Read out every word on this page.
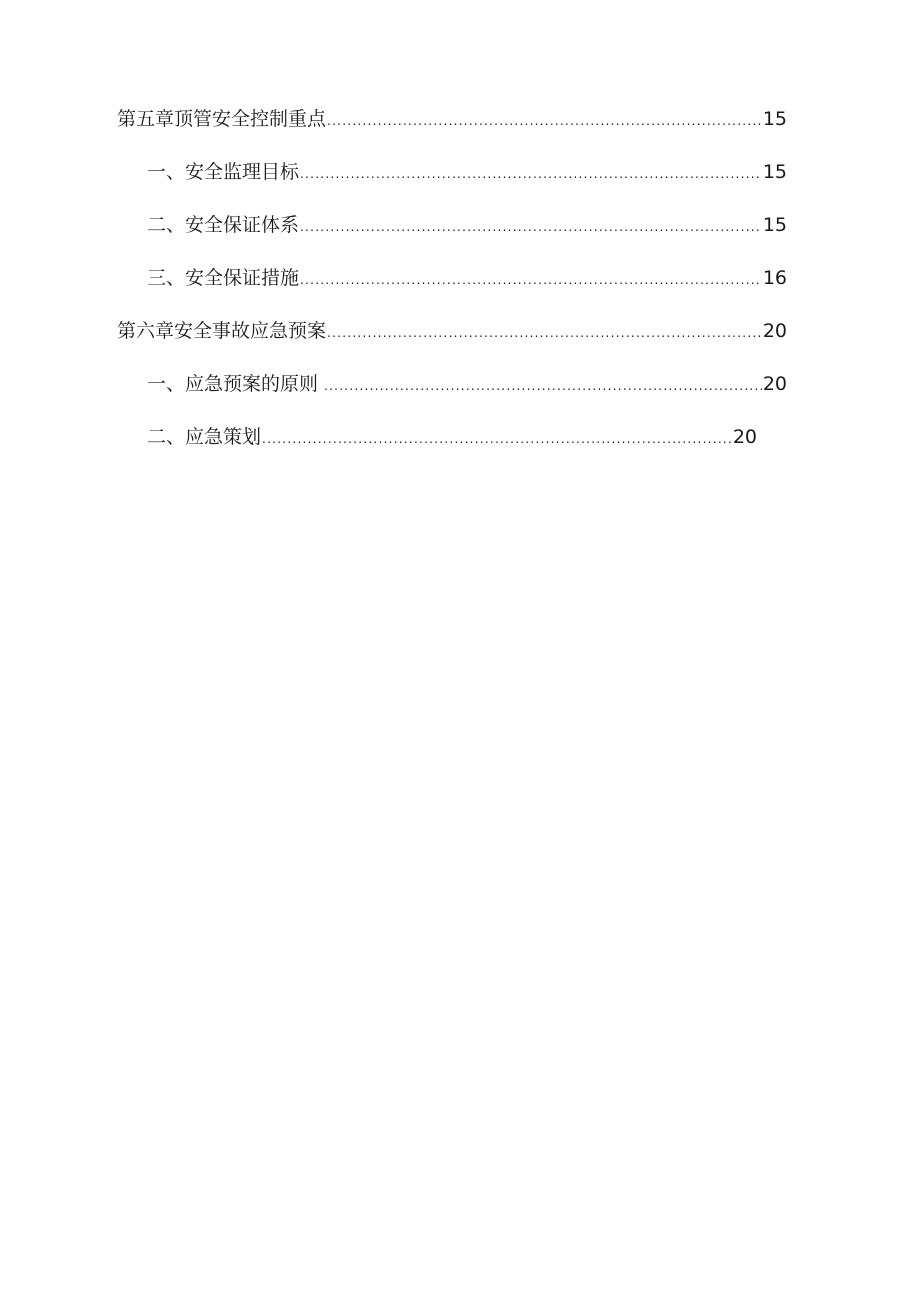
第五章顶管安全控制重点 .....	15
一、安全监理目标 .....	15
二、安全保证体系 .....	15
三、安全保证措施 .....	16
第六章安全事故应急预案 .....	20
一、应急预案的原则 .....	20
二、应急策划 .....	20
